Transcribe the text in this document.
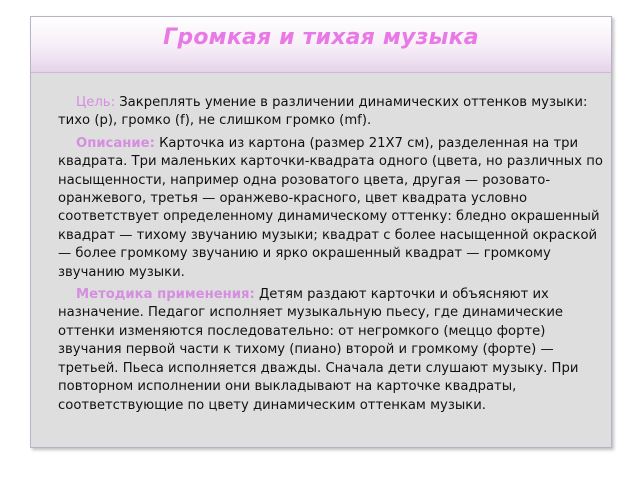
Громкая и тихая музыка

Цель: Закреплять умение в различении динамических оттенков музыки: тихо (р), громко (f), не слишком громко (mf).

Описание: Карточка из картона (размер 21Х7 см), разделенная на три квадрата. Три маленьких карточки-квадрата одного (цвета, но различных по насыщенности, например одна розоватого цвета, другая — розовато-оранжевого, третья — оранжево-красного, цвет квадрата условно соответствует определенному динамическому оттенку: бледно окрашенный квадрат — тихому звучанию музыки; квадрат с более насыщенной окраской — более громкому звучанию и ярко окрашенный квадрат — громкому звучанию музыки.

Методика применения: Детям раздают карточки и объясняют их назначение. Педагог исполняет музыкальную пьесу, где динамические оттенки изменяются последовательно: от негромкого (меццо форте) звучания первой части к тихому (пиано) второй и громкому (форте) — третьей. Пьеса исполняется дважды. Сначала дети слушают музыку. При повторном исполнении они выкладывают на карточке квадраты, соответствующие по цвету динамическим оттенкам музыки.
